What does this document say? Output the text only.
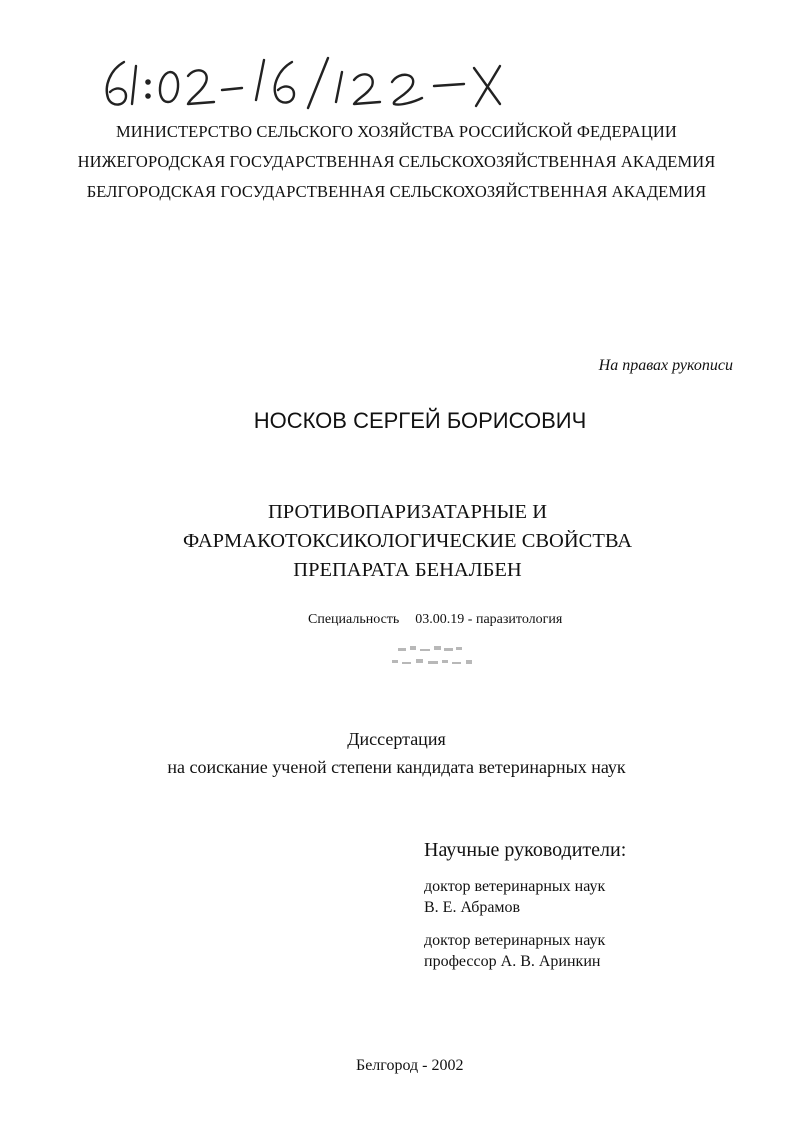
МИНИСТЕРСТВО СЕЛЬСКОГО ХОЗЯЙСТВА РОССИЙСКОЙ ФЕДЕРАЦИИ
НИЖЕГОРОДСКАЯ ГОСУДАРСТВЕННАЯ СЕЛЬСКОХОЗЯЙСТВЕННАЯ АКАДЕМИЯ
БЕЛГОРОДСКАЯ ГОСУДАРСТВЕННАЯ СЕЛЬСКОХОЗЯЙСТВЕННАЯ АКАДЕМИЯ
На правах рукописи
НОСКОВ СЕРГЕЙ БОРИСОВИЧ
ПРОТИВОПАРИЗАТАРНЫЕ И
ФАРМАКОТОКСИКОЛОГИЧЕСКИЕ СВОЙСТВА
ПРЕПАРАТА БЕНАЛБЕН
Специальность 03.00.19 - паразитология
Диссертация
на соискание ученой степени кандидата ветеринарных наук
Научные руководители:
доктор ветеринарных наук
В. Е. Абрамов
доктор ветеринарных наук
профессор А. В. Аринкин
Белгород - 2002
